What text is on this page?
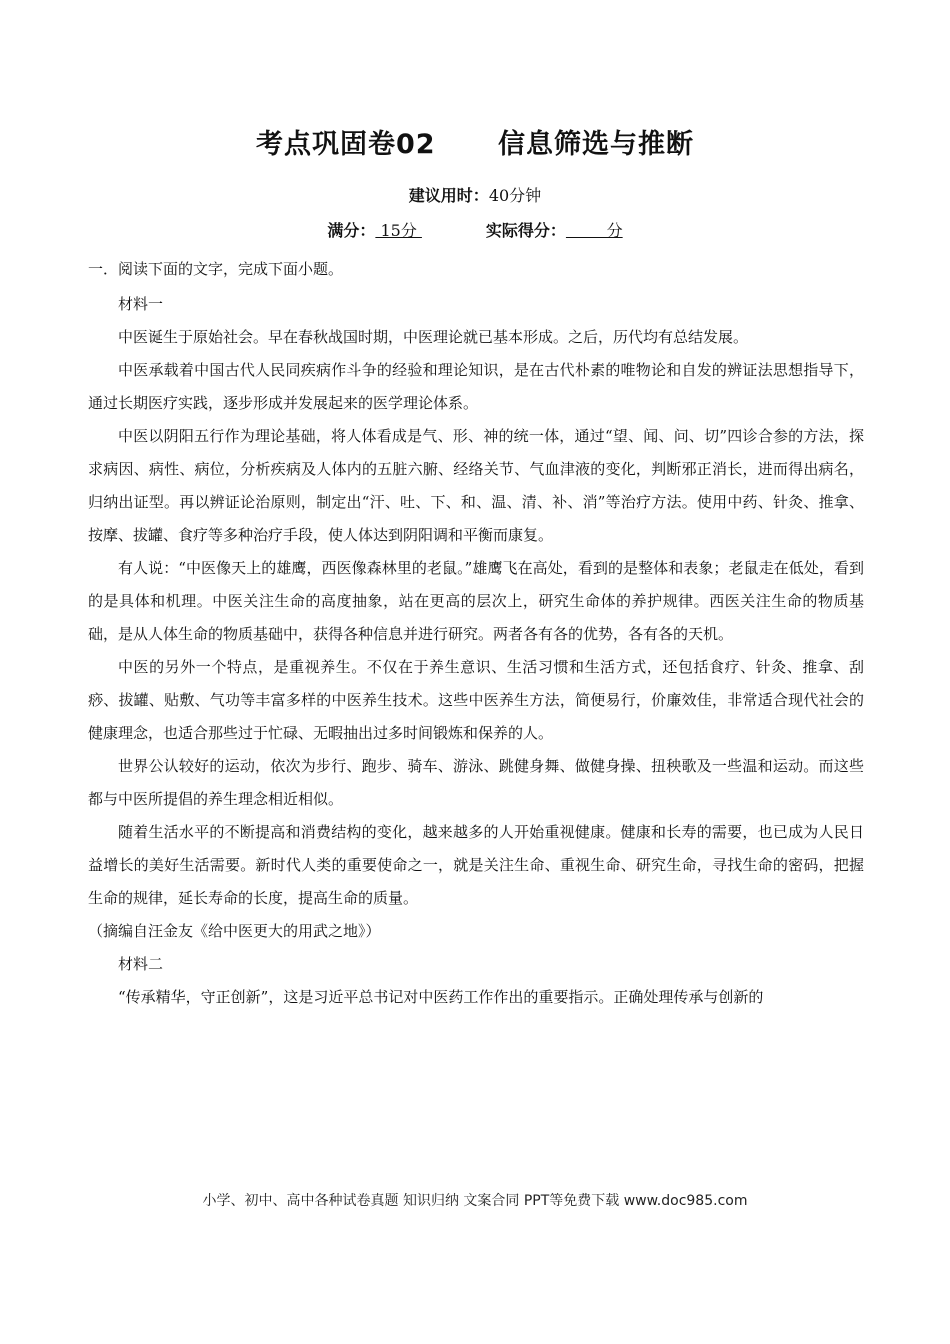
考点巩固卷02      信息筛选与推断
建议用时：40分钟
满分： 15分	实际得分：        分
一．阅读下面的文字，完成下面小题。

材料一

中医诞生于原始社会。早在春秋战国时期，中医理论就已基本形成。之后，历代均有总结发展。

中医承载着中国古代人民同疾病作斗争的经验和理论知识，是在古代朴素的唯物论和自发的辨证法思想指导下，通过长期医疗实践，逐步形成并发展起来的医学理论体系。

中医以阴阳五行作为理论基础，将人体看成是气、形、神的统一体，通过“望、闻、问、切”四诊合参的方法，探求病因、病性、病位，分析疾病及人体内的五脏六腑、经络关节、气血津液的变化，判断邪正消长，进而得出病名，归纳出证型。再以辨证论治原则，制定出“汗、吐、下、和、温、清、补、消”等治疗方法。使用中药、针灸、推拿、按摩、拔罐、食疗等多种治疗手段，使人体达到阴阳调和平衡而康复。

有人说：“中医像天上的雄鹰，西医像森林里的老鼠。”雄鹰飞在高处，看到的是整体和表象；老鼠走在低处，看到的是具体和机理。中医关注生命的高度抽象，站在更高的层次上，研究生命体的养护规律。西医关注生命的物质基础，是从人体生命的物质基础中，获得各种信息并进行研究。两者各有各的优势，各有各的天机。

中医的另外一个特点，是重视养生。不仅在于养生意识、生活习惯和生活方式，还包括食疗、针灸、推拿、刮痧、拔罐、贴敷、气功等丰富多样的中医养生技术。这些中医养生方法，简便易行，价廉效佳，非常适合现代社会的健康理念，也适合那些过于忙碌、无暇抽出过多时间锻炼和保养的人。

世界公认较好的运动，依次为步行、跑步、骑车、游泳、跳健身舞、做健身操、扭秧歌及一些温和运动。而这些都与中医所提倡的养生理念相近相似。

随着生活水平的不断提高和消费结构的变化，越来越多的人开始重视健康。健康和长寿的需要，也已成为人民日益增长的美好生活需要。新时代人类的重要使命之一，就是关注生命、重视生命、研究生命，寻找生命的密码，把握生命的规律，延长寿命的长度，提高生命的质量。

（摘编自汪金友《给中医更大的用武之地》）

材料二

“传承精华，守正创新”，这是习近平总书记对中医药工作作出的重要指示。正确处理传承与创新的

小学、初中、高中各种试卷真题 知识归纳 文案合同 PPT等免费下载 www.doc985.com
